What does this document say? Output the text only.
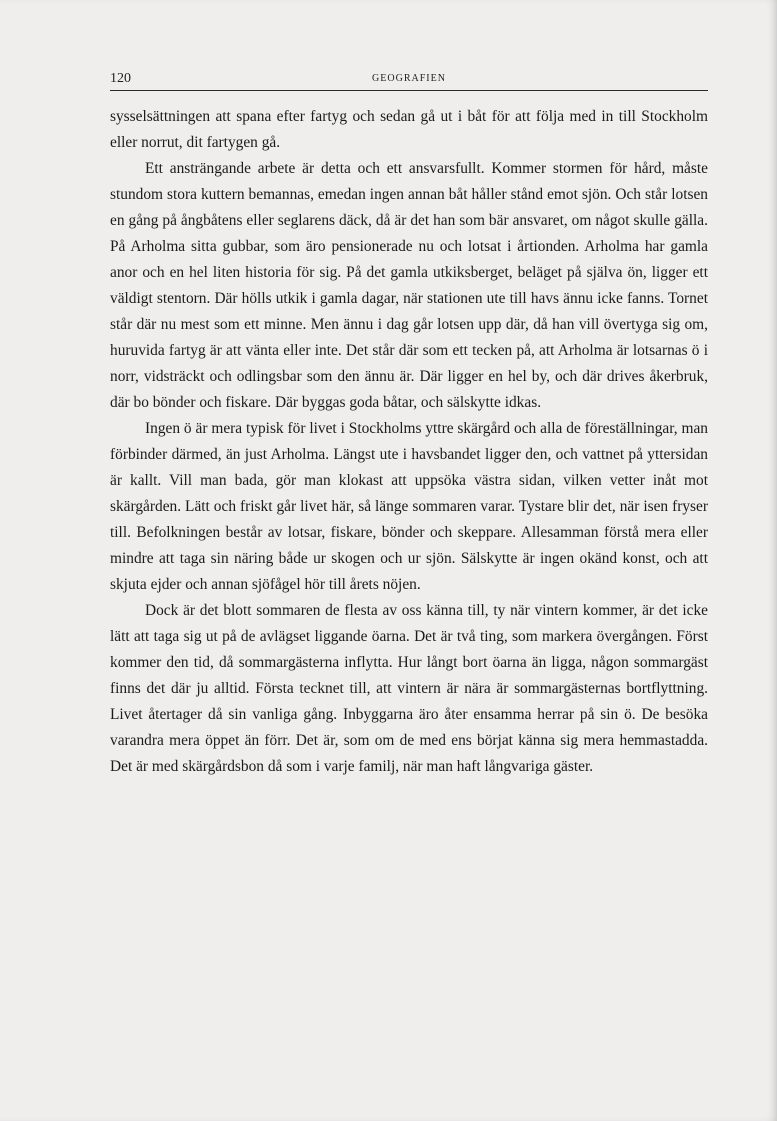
120	GEOGRAFIEN

sysselsättningen att spana efter fartyg och sedan gå ut i båt för att följa med in till Stockholm eller norrut, dit fartygen gå.

Ett ansträngande arbete är detta och ett ansvarsfullt. Kommer stormen för hård, måste stundom stora kuttern bemannas, emedan ingen annan båt håller stånd emot sjön. Och står lotsen en gång på ångbåtens eller seglarens däck, då är det han som bär ansvaret, om något skulle gälla. På Arholma sitta gubbar, som äro pensionerade nu och lotsat i årtionden. Arholma har gamla anor och en hel liten historia för sig. På det gamla utkiksberget, beläget på själva ön, ligger ett väldigt stentorn. Där hölls utkik i gamla dagar, när stationen ute till havs ännu icke fanns. Tornet står där nu mest som ett minne. Men ännu i dag går lotsen upp där, då han vill övertyga sig om, huruvida fartyg är att vänta eller inte. Det står där som ett tecken på, att Arholma är lotsarnas ö i norr, vidsträckt och odlingsbar som den ännu är. Där ligger en hel by, och där drives åkerbruk, där bo bönder och fiskare. Där byggas goda båtar, och sälskytte idkas.

Ingen ö är mera typisk för livet i Stockholms yttre skärgård och alla de föreställningar, man förbinder därmed, än just Arholma. Längst ute i havsbandet ligger den, och vattnet på yttersidan är kallt. Vill man bada, gör man klokast att uppsöka västra sidan, vilken vetter inåt mot skärgården. Lätt och friskt går livet här, så länge sommaren varar. Tystare blir det, när isen fryser till. Befolkningen består av lotsar, fiskare, bönder och skeppare. Allesamman förstå mera eller mindre att taga sin näring både ur skogen och ur sjön. Sälskytte är ingen okänd konst, och att skjuta ejder och annan sjöfågel hör till årets nöjen.

Dock är det blott sommaren de flesta av oss känna till, ty när vintern kommer, är det icke lätt att taga sig ut på de avlägset liggande öarna. Det är två ting, som markera övergången. Först kommer den tid, då sommargästerna inflytta. Hur långt bort öarna än ligga, någon sommargäst finns det där ju alltid. Första tecknet till, att vintern är nära är sommargästernas bortflyttning. Livet återtager då sin vanliga gång. Inbyggarna äro åter ensamma herrar på sin ö. De besöka varandra mera öppet än förr. Det är, som om de med ens börjat känna sig mera hemmastadda. Det är med skärgårdsbon då som i varje familj, när man haft långvariga gäster.
